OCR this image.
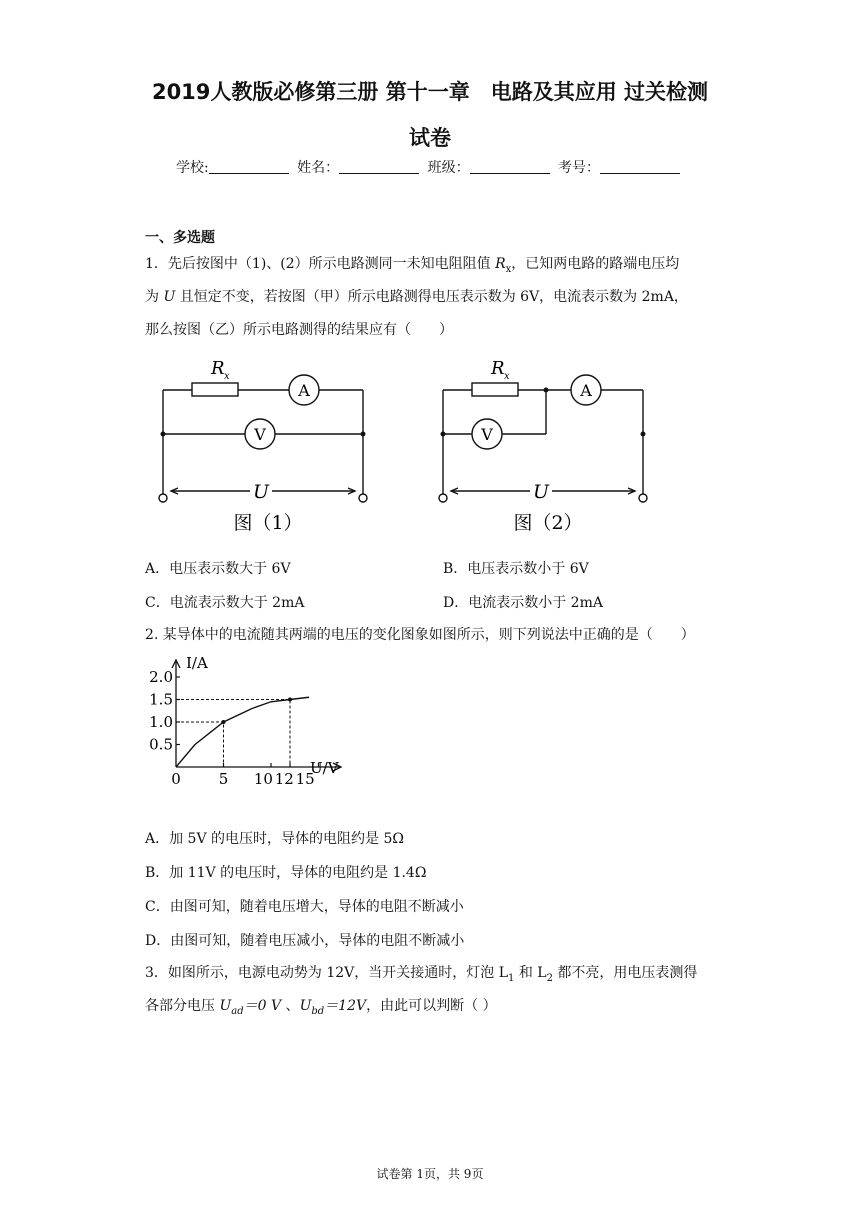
2019人教版必修第三册 第十一章　电路及其应用 过关检测
试卷
学校:	姓名：	班级：	考号：
一、多选题
1．先后按图中（1)、(2）所示电路测同一未知电阻阻值 $R_x$，已知两电路的路端电压均
为 U 且恒定不变，若按图（甲）所示电路测得电压表示数为 6V，电流表示数为 2mA，
那么按图（乙）所示电路测得的结果应有（　　）
R x
A
V
U
图（1）
R x
A
V
U
图（2）
A．电压表示数大于 6V	B．电压表示数小于 6V
C．电流表示数大于 2mA	D．电流表示数小于 2mA
2. 某导体中的电流随其两端的电压的变化图象如图所示，则下列说法中正确的是（　　）
0.5
1.0
1.5
2.0
0	5 10 12 15
I/A
U/V
A．加 5V 的电压时，导体的电阻约是 5Ω
B．加 11V 的电压时，导体的电阻约是 1.4Ω
C．由图可知，随着电压增大，导体的电阻不断减小
D．由图可知，随着电压减小，导体的电阻不断减小
3．如图所示，电源电动势为 12V，当开关接通时，灯泡 $L_1$ 和 $L_2$ 都不亮，用电压表测得
各部分电压 $U_{ad}=0$ V 、$U_{bd}=12V$，由此可以判断（ ）
试卷第 1页，共 9页
